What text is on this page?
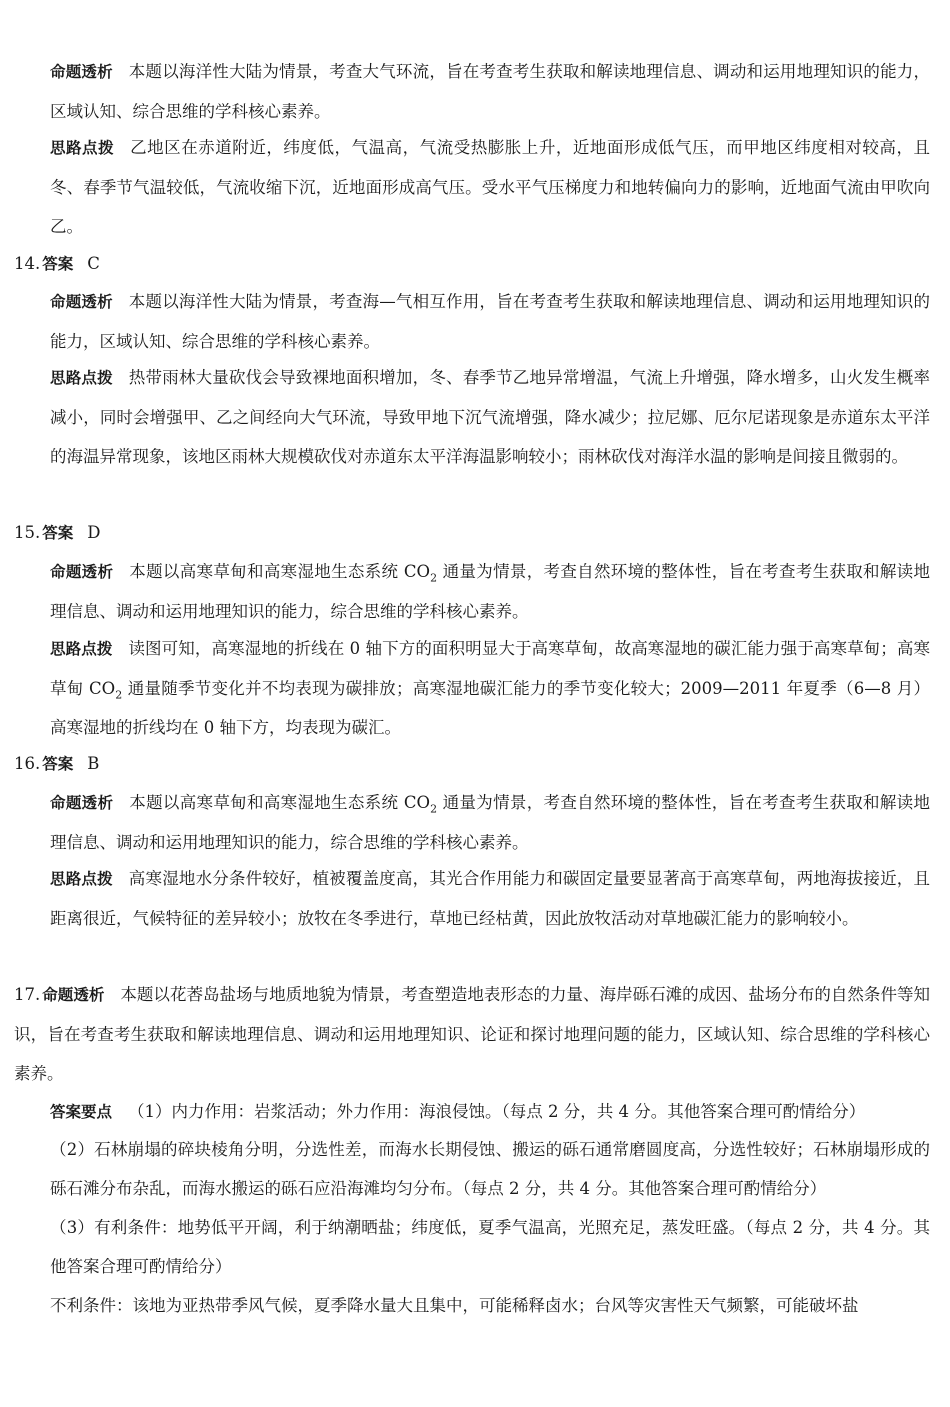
命题透析 本题以海洋性大陆为情景，考查大气环流，旨在考查考生获取和解读地理信息、调动和运用地理知识的能力，区域认知、综合思维的学科核心素养。

思路点拨 乙地区在赤道附近，纬度低，气温高，气流受热膨胀上升，近地面形成低气压，而甲地区纬度相对较高，且冬、春季节气温较低，气流收缩下沉，近地面形成高气压。受水平气压梯度力和地转偏向力的影响，近地面气流由甲吹向乙。

14. 答案 C

命题透析 本题以海洋性大陆为情景，考查海—气相互作用，旨在考查考生获取和解读地理信息、调动和运用地理知识的能力，区域认知、综合思维的学科核心素养。

思路点拨 热带雨林大量砍伐会导致裸地面积增加，冬、春季节乙地异常增温，气流上升增强，降水增多，山火发生概率减小，同时会增强甲、乙之间经向大气环流，导致甲地下沉气流增强，降水减少；拉尼娜、厄尔尼诺现象是赤道东太平洋的海温异常现象，该地区雨林大规模砍伐对赤道东太平洋海温影响较小；雨林砍伐对海洋水温的影响是间接且微弱的。

15. 答案 D

命题透析 本题以高寒草甸和高寒湿地生态系统 $CO_2$ 通量为情景，考查自然环境的整体性，旨在考查考生获取和解读地理信息、调动和运用地理知识的能力，综合思维的学科核心素养。

思路点拨 读图可知，高寒湿地的折线在 0 轴下方的面积明显大于高寒草甸，故高寒湿地的碳汇能力强于高寒草甸；高寒草甸 $CO_2$ 通量随季节变化并不均表现为碳排放；高寒湿地碳汇能力的季节变化较大；2009—2011 年夏季（6—8 月）高寒湿地的折线均在 0 轴下方，均表现为碳汇。

16. 答案 B

命题透析 本题以高寒草甸和高寒湿地生态系统 $CO_2$ 通量为情景，考查自然环境的整体性，旨在考查考生获取和解读地理信息、调动和运用地理知识的能力，综合思维的学科核心素养。

思路点拨 高寒湿地水分条件较好，植被覆盖度高，其光合作用能力和碳固定量要显著高于高寒草甸，两地海拔接近，且距离很近，气候特征的差异较小；放牧在冬季进行，草地已经枯黄，因此放牧活动对草地碳汇能力的影响较小。

17. 命题透析 本题以花莕岛盐场与地质地貌为情景，考查塑造地表形态的力量、海岸砾石滩的成因、盐场分布的自然条件等知识，旨在考查考生获取和解读地理信息、调动和运用地理知识、论证和探讨地理问题的能力，区域认知、综合思维的学科核心素养。

答案要点 （1）内力作用：岩浆活动；外力作用：海浪侵蚀。（每点 2 分，共 4 分。其他答案合理可酌情给分）

（2）石林崩塌的碎块棱角分明，分选性差，而海水长期侵蚀、搬运的砾石通常磨圆度高，分选性较好；石林崩塌形成的砾石滩分布杂乱，而海水搬运的砾石应沿海滩均匀分布。（每点 2 分，共 4 分。其他答案合理可酌情给分）

（3）有利条件：地势低平开阔，利于纳潮晒盐；纬度低，夏季气温高，光照充足，蒸发旺盛。（每点 2 分，共 4 分。其他答案合理可酌情给分）

不利条件：该地为亚热带季风气候，夏季降水量大且集中，可能稀释卤水；台风等灾害性天气频繁，可能破坏盐
